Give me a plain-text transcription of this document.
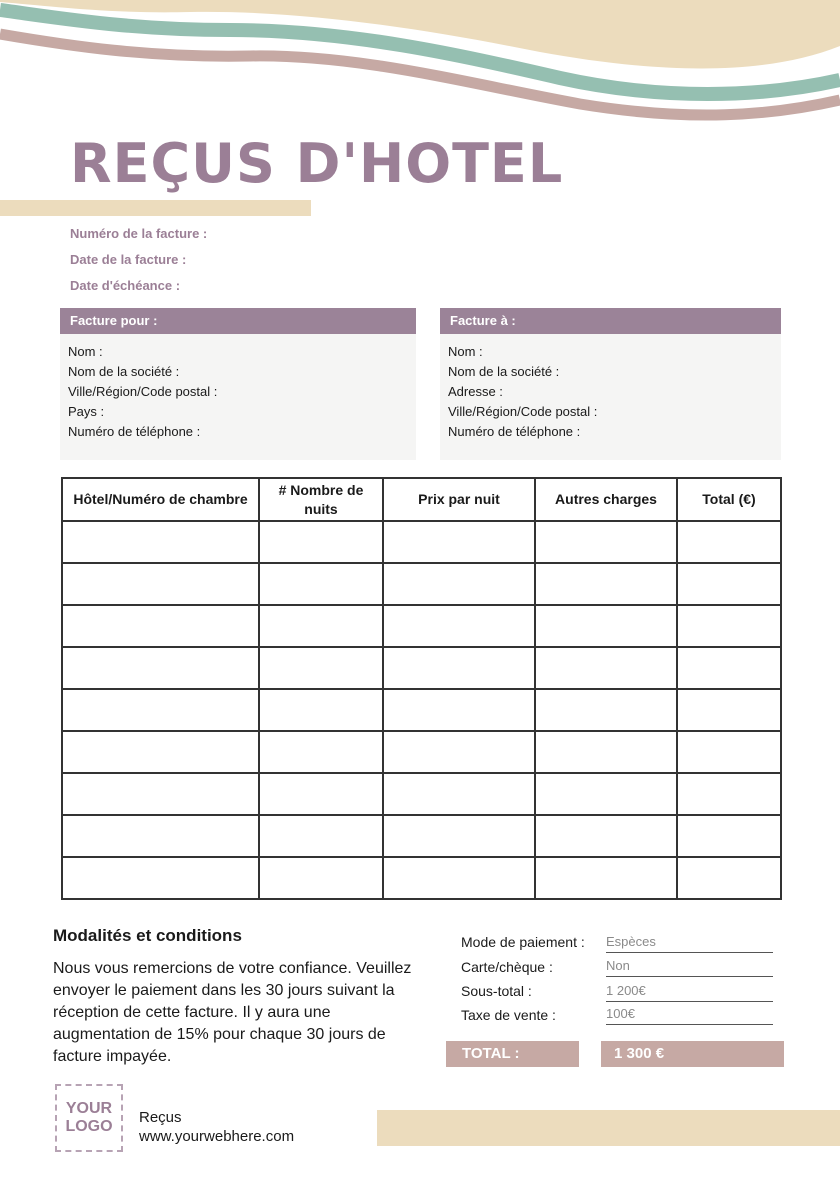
REÇUS D'HOTEL
Numéro de la facture :
Date de la facture :
Date d'échéance :
Facture pour :
Nom :
Nom de la société :
Ville/Région/Code postal :
Pays :
Numéro de téléphone :
Facture à :
Nom :
Nom de la société :
Adresse :
Ville/Région/Code postal :
Numéro de téléphone :
Hôtel/Numéro de chambre	# Nombre de nuits	Prix par nuit	Autres charges	Total (€)

Modalités et conditions
Nous vous remercions de votre confiance. Veuillez envoyer le paiement dans les 30 jours suivant la réception de cette facture. Il y aura une augmentation de 15% pour chaque 30 jours de facture impayée.
Mode de paiement : Espèces
Carte/chèque :	Non
Sous-total :	1 200€
Taxe de vente :	100€
TOTAL :	1 300 €
YOUR
LOGO
Reçus
www.yourwebhere.com
